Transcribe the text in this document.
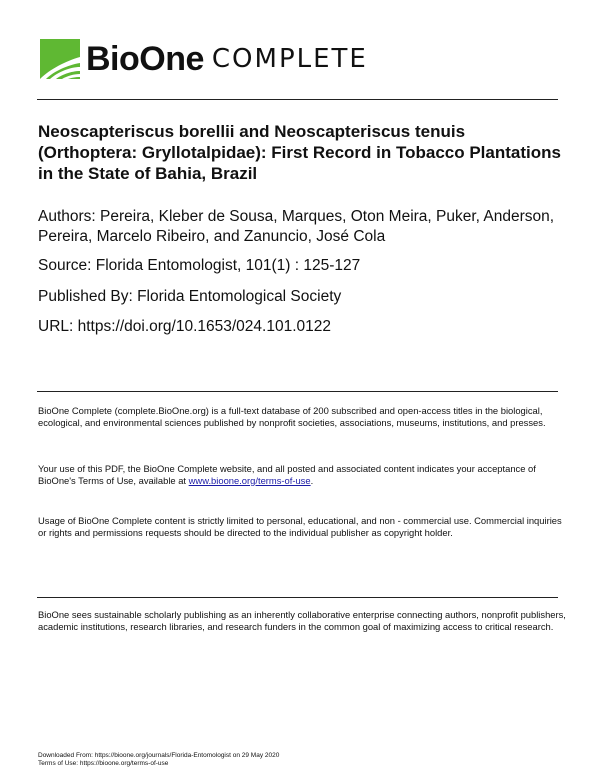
BioOne COMPLETE
Neoscapteriscus borellii and Neoscapteriscus tenuis (Orthoptera: Gryllotalpidae): First Record in Tobacco Plantations in the State of Bahia, Brazil
Authors: Pereira, Kleber de Sousa, Marques, Oton Meira, Puker, Anderson, Pereira, Marcelo Ribeiro, and Zanuncio, José Cola
Source: Florida Entomologist, 101(1) : 125-127
Published By: Florida Entomological Society
URL: https://doi.org/10.1653/024.101.0122
BioOne Complete (complete.BioOne.org) is a full-text database of 200 subscribed and open-access titles in the biological, ecological, and environmental sciences published by nonprofit societies, associations, museums, institutions, and presses.
Your use of this PDF, the BioOne Complete website, and all posted and associated content indicates your acceptance of BioOne's Terms of Use, available at www.bioone.org/terms-of-use.
Usage of BioOne Complete content is strictly limited to personal, educational, and non - commercial use. Commercial inquiries or rights and permissions requests should be directed to the individual publisher as copyright holder.
BioOne sees sustainable scholarly publishing as an inherently collaborative enterprise connecting authors, nonprofit publishers, academic institutions, research libraries, and research funders in the common goal of maximizing access to critical research.
Downloaded From: https://bioone.org/journals/Florida-Entomologist on 29 May 2020
Terms of Use: https://bioone.org/terms-of-use
